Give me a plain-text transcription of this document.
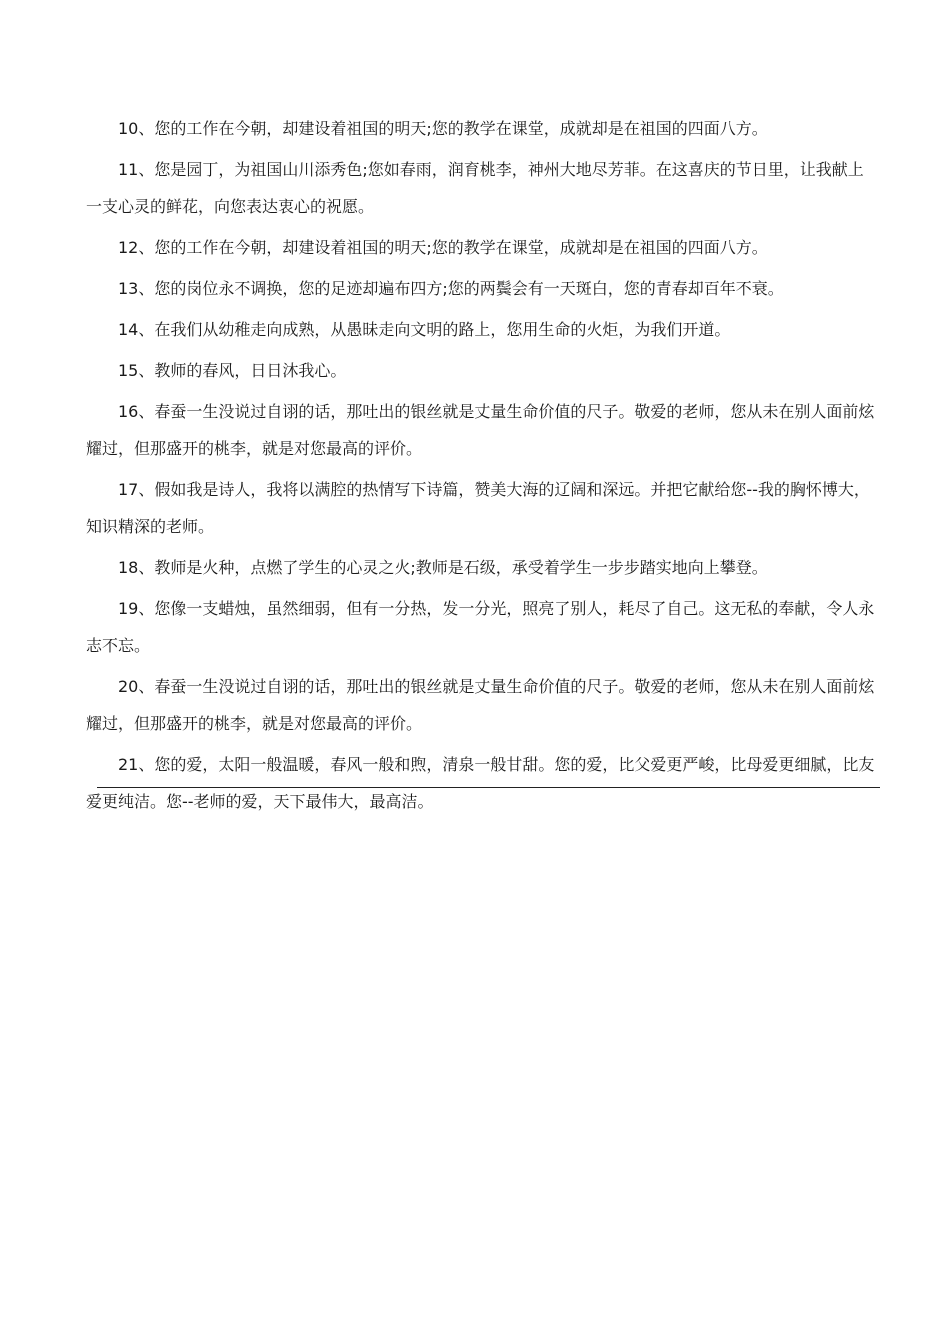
10、您的工作在今朝，却建设着祖国的明天;您的教学在课堂，成就却是在祖国的四面八方。

11、您是园丁，为祖国山川添秀色;您如春雨，润育桃李，神州大地尽芳菲。在这喜庆的节日里，让我献上一支心灵的鲜花，向您表达衷心的祝愿。

12、您的工作在今朝，却建设着祖国的明天;您的教学在课堂，成就却是在祖国的四面八方。

13、您的岗位永不调换，您的足迹却遍布四方;您的两鬓会有一天斑白，您的青春却百年不衰。

14、在我们从幼稚走向成熟，从愚昧走向文明的路上，您用生命的火炬，为我们开道。

15、教师的春风，日日沐我心。

16、春蚕一生没说过自诩的话，那吐出的银丝就是丈量生命价值的尺子。敬爱的老师，您从未在别人面前炫耀过，但那盛开的桃李，就是对您最高的评价。

17、假如我是诗人，我将以满腔的热情写下诗篇，赞美大海的辽阔和深远。并把它献给您--我的胸怀博大，知识精深的老师。

18、教师是火种，点燃了学生的心灵之火;教师是石级，承受着学生一步步踏实地向上攀登。

19、您像一支蜡烛，虽然细弱，但有一分热，发一分光，照亮了别人，耗尽了自己。这无私的奉献，令人永志不忘。

20、春蚕一生没说过自诩的话，那吐出的银丝就是丈量生命价值的尺子。敬爱的老师，您从未在别人面前炫耀过，但那盛开的桃李，就是对您最高的评价。

21、您的爱，太阳一般温暖，春风一般和煦，清泉一般甘甜。您的爱，比父爱更严峻，比母爱更细腻，比友爱更纯洁。您--老师的爱，天下最伟大，最高洁。
